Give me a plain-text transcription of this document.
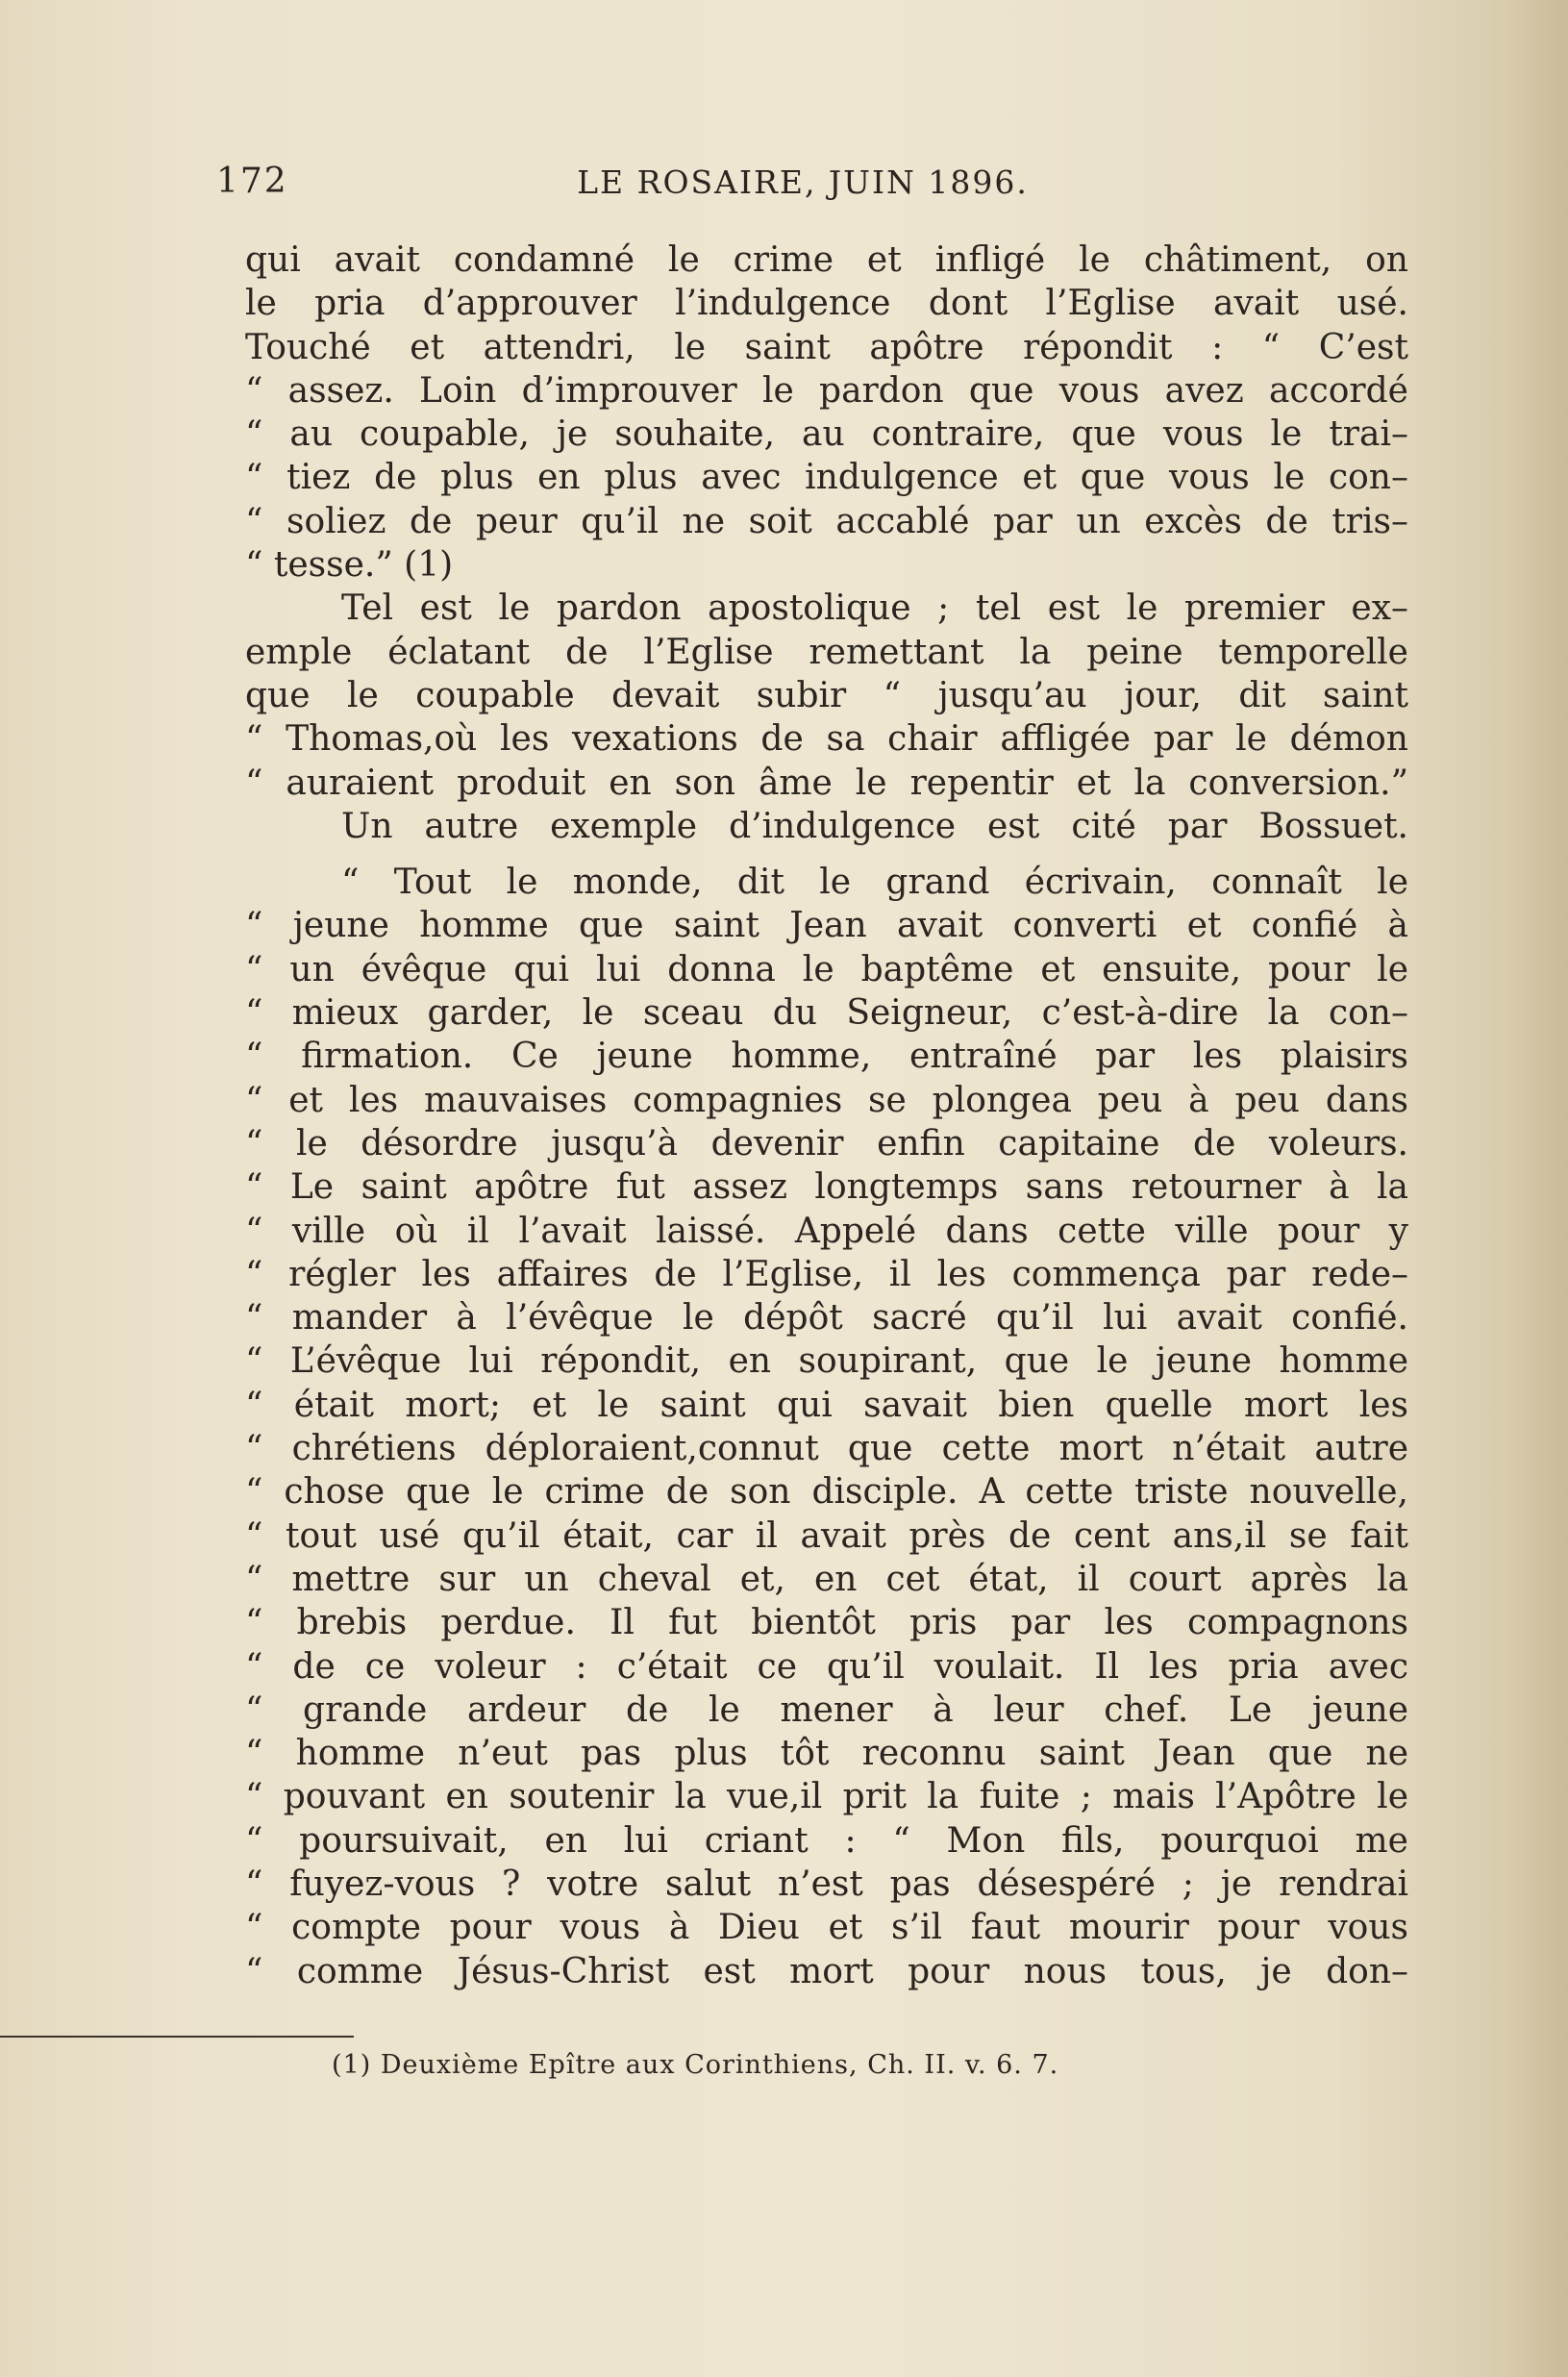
172	LE ROSAIRE, JUIN 1896.
qui avait condamné le crime et infligé le châtiment, on
le pria d’approuver l’indulgence dont l’Eglise avait usé.
Touché et attendri, le saint apôtre répondit : “ C’est
“ assez. Loin d’improuver le pardon que vous avez accordé
“ au coupable, je souhaite, au contraire, que vous le trai–
“ tiez de plus en plus avec indulgence et que vous le con–
“ soliez de peur qu’il ne soit accablé par un excès de tris–
“ tesse.” (1)
Tel est le pardon apostolique ; tel est le premier ex–
emple éclatant de l’Eglise remettant la peine temporelle
que le coupable devait subir “ jusqu’au jour, dit saint
“ Thomas,où les vexations de sa chair affligée par le démon
“ auraient produit en son âme le repentir et la conversion.”
Un autre exemple d’indulgence est cité par Bossuet.
“ Tout le monde, dit le grand écrivain, connaît le
“ jeune homme que saint Jean avait converti et confié à
“ un évêque qui lui donna le baptême et ensuite, pour le
“ mieux garder, le sceau du Seigneur, c’est-à-dire la con–
“ firmation. Ce jeune homme, entraîné par les plaisirs
“ et les mauvaises compagnies se plongea peu à peu dans
“ le désordre jusqu’à devenir enfin capitaine de voleurs.
“ Le saint apôtre fut assez longtemps sans retourner à la
“ ville où il l’avait laissé. Appelé dans cette ville pour y
“ régler les affaires de l’Eglise, il les commença par rede–
“ mander à l’évêque le dépôt sacré qu’il lui avait confié.
“ L’évêque lui répondit, en soupirant, que le jeune homme
“ était mort; et le saint qui savait bien quelle mort les
“ chrétiens déploraient,connut que cette mort n’était autre
“ chose que le crime de son disciple. A cette triste nouvelle,
“ tout usé qu’il était, car il avait près de cent ans,il se fait
“ mettre sur un cheval et, en cet état, il court après la
“ brebis perdue. Il fut bientôt pris par les compagnons
“ de ce voleur : c’était ce qu’il voulait. Il les pria avec
“ grande ardeur de le mener à leur chef. Le jeune
“ homme n’eut pas plus tôt reconnu saint Jean que ne
“ pouvant en soutenir la vue,il prit la fuite ; mais l’Apôtre le
“ poursuivait, en lui criant : “ Mon fils, pourquoi me
“ fuyez-vous ? votre salut n’est pas désespéré ; je rendrai
“ compte pour vous à Dieu et s’il faut mourir pour vous
“ comme Jésus-Christ est mort pour nous tous, je don–
(1) Deuxième Epître aux Corinthiens, Ch. II. v. 6. 7.
